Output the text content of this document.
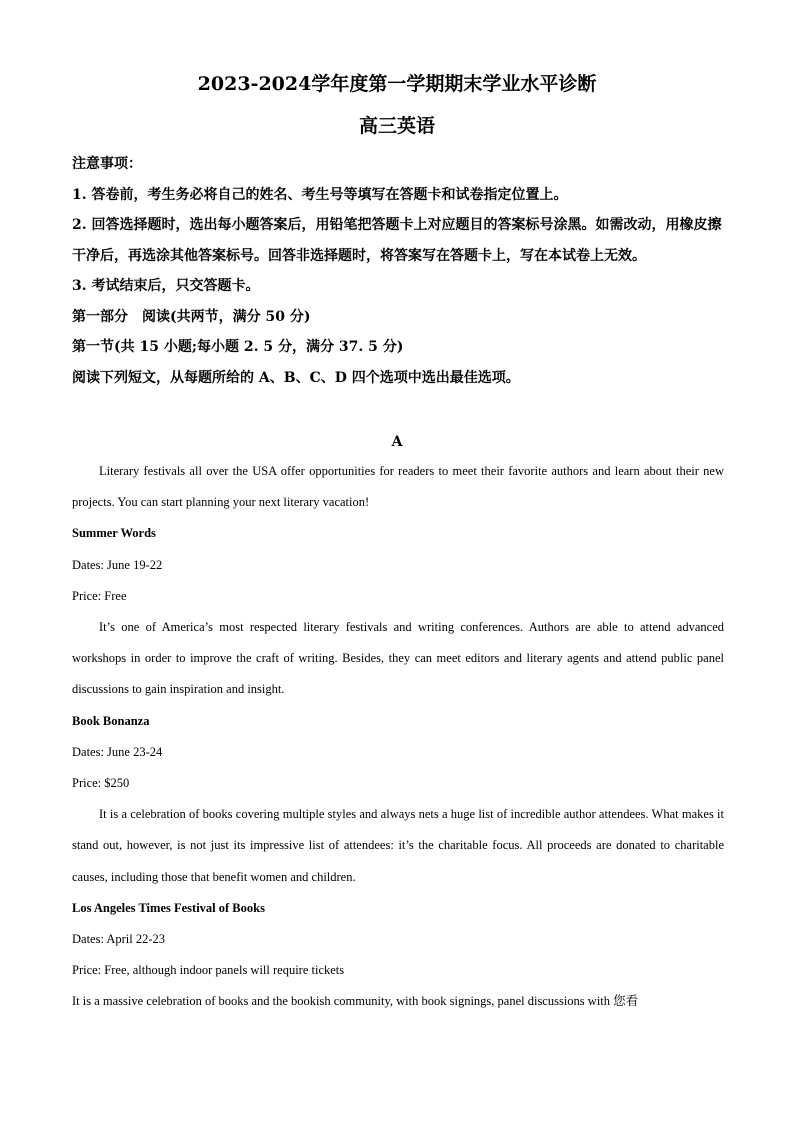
2023-2024学年度第一学期期末学业水平诊断
高三英语
注意事项：
1. 答卷前，考生务必将自己的姓名、考生号等填写在答题卡和试卷指定位置上。
2. 回答选择题时，选出每小题答案后，用铅笔把答题卡上对应题目的答案标号涂黑。如需改动，用橡皮擦干净后，再选涂其他答案标号。回答非选择题时，将答案写在答题卡上，写在本试卷上无效。
3. 考试结束后，只交答题卡。
第一部分　阅读(共两节，满分 50 分)
第一节(共 15 小题;每小题 2. 5 分，满分 37. 5 分)
阅读下列短文，从每题所给的 A、B、C、D 四个选项中选出最佳选项。
A

Literary festivals all over the USA offer opportunities for readers to meet their favorite authors and learn about their new projects. You can start planning your next literary vacation!

Summer Words

Dates: June 19-22

Price: Free

It’s one of America’s most respected literary festivals and writing conferences. Authors are able to attend advanced workshops in order to improve the craft of writing. Besides, they can meet editors and literary agents and attend public panel discussions to gain inspiration and insight.

Book Bonanza

Dates: June 23-24

Price: $250

It is a celebration of books covering multiple styles and always nets a huge list of incredible author attendees. What makes it stand out, however, is not just its impressive list of attendees: it’s the charitable focus. All proceeds are donated to charitable causes, including those that benefit women and children.

Los Angeles Times Festival of Books

Dates: April 22-23

Price: Free, although indoor panels will require tickets

It is a massive celebration of books and the bookish community, with book signings, panel discussions with 您看
